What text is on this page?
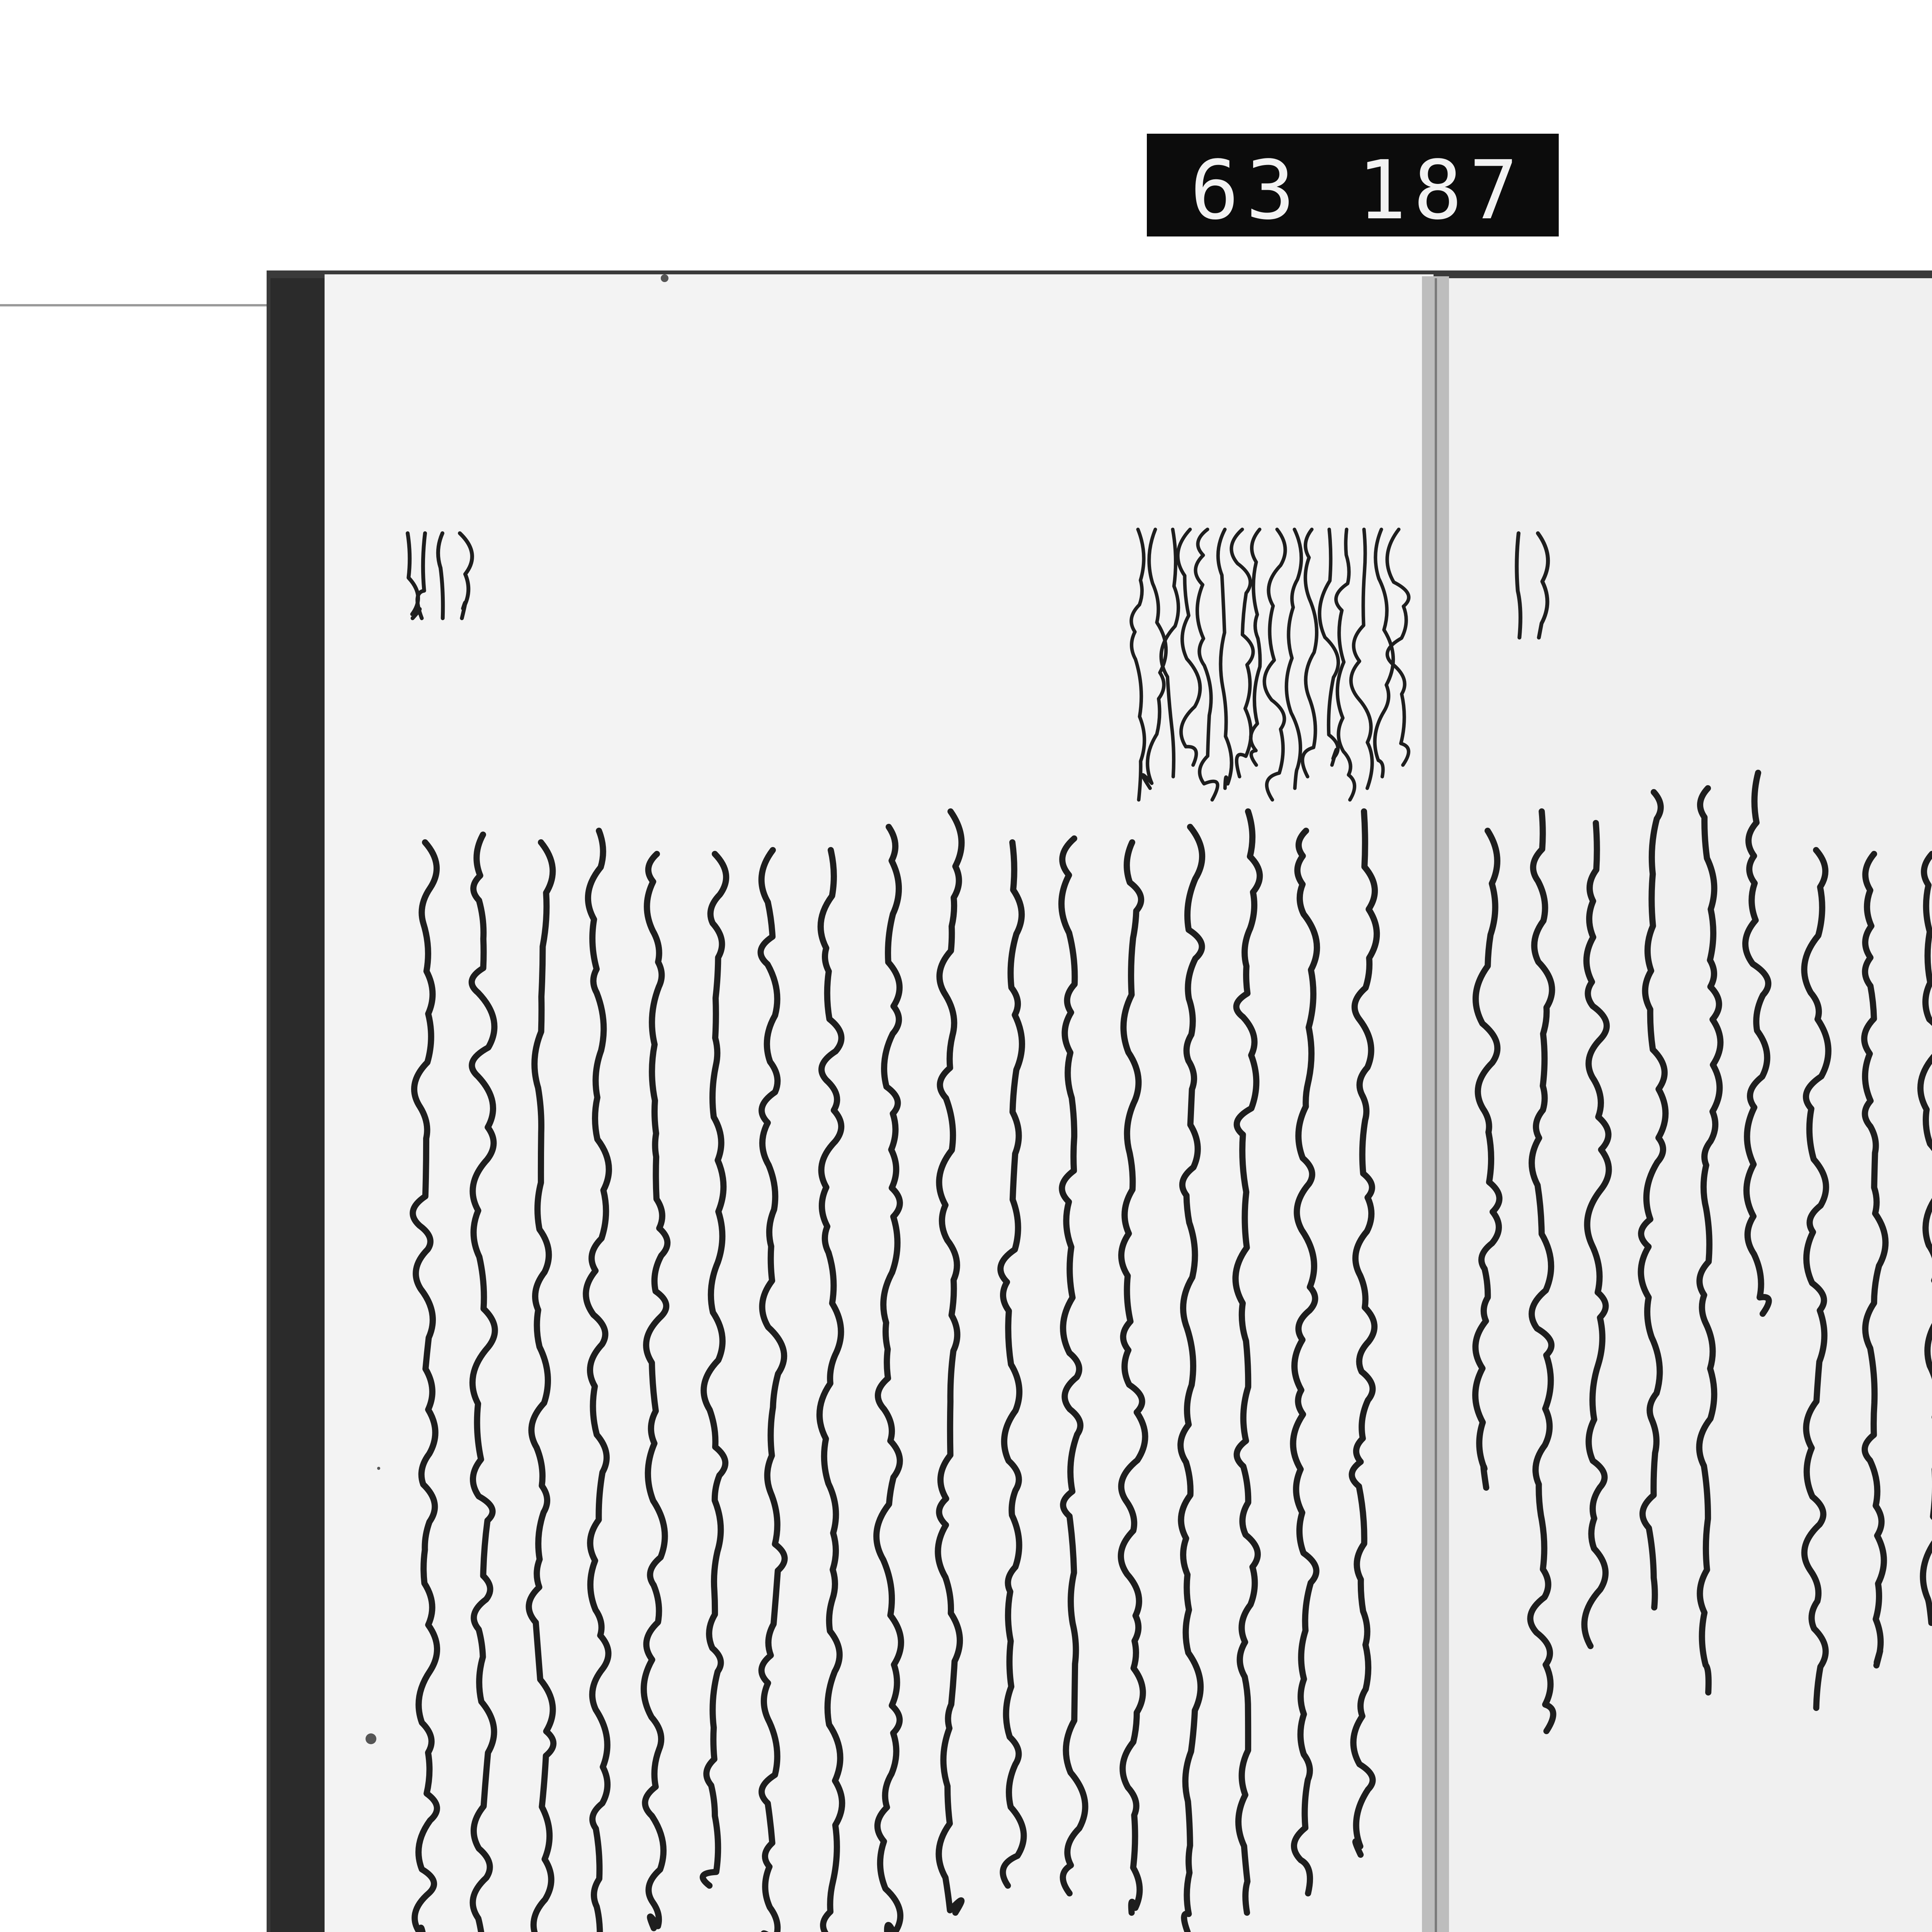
63 187
